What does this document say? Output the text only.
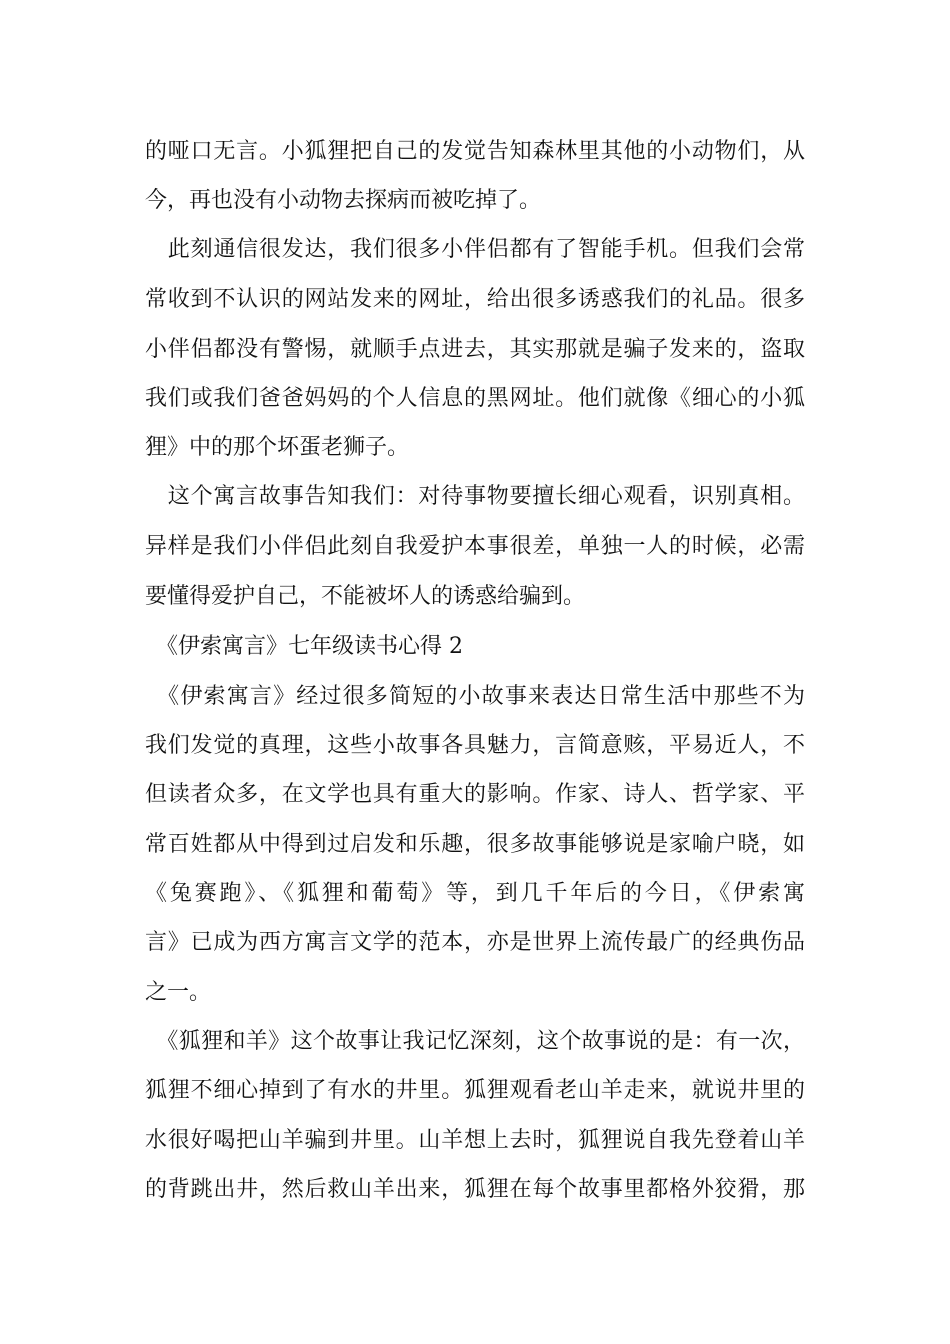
的哑口无言。小狐狸把自己的发觉告知森林里其他的小动物们，从

今，再也没有小动物去探病而被吃掉了。

　此刻通信很发达，我们很多小伴侣都有了智能手机。但我们会常

常收到不认识的网站发来的网址，给出很多诱惑我们的礼品。很多

小伴侣都没有警惕，就顺手点进去，其实那就是骗子发来的，盗取

我们或我们爸爸妈妈的个人信息的黑网址。他们就像《细心的小狐

狸》中的那个坏蛋老狮子。

　这个寓言故事告知我们：对待事物要擅长细心观看，识别真相。

异样是我们小伴侣此刻自我爱护本事很差，单独一人的时候，必需

要懂得爱护自己，不能被坏人的诱惑给骗到。

　《伊索寓言》七年级读书心得 2

　《伊索寓言》经过很多简短的小故事来表达日常生活中那些不为

我们发觉的真理，这些小故事各具魅力，言简意赅，平易近人，不

但读者众多，在文学也具有重大的影响。作家、诗人、哲学家、平

常百姓都从中得到过启发和乐趣，很多故事能够说是家喻户晓，如

《兔赛跑》、《狐狸和葡萄》等，到几千年后的今日，《伊索寓

言》已成为西方寓言文学的范本，亦是世界上流传最广的经典伤品

之一。

　《狐狸和羊》这个故事让我记忆深刻，这个故事说的是：有一次，

狐狸不细心掉到了有水的井里。狐狸观看老山羊走来，就说井里的

水很好喝把山羊骗到井里。山羊想上去时，狐狸说自我先登着山羊

的背跳出井，然后救山羊出来，狐狸在每个故事里都格外狡猾，那
